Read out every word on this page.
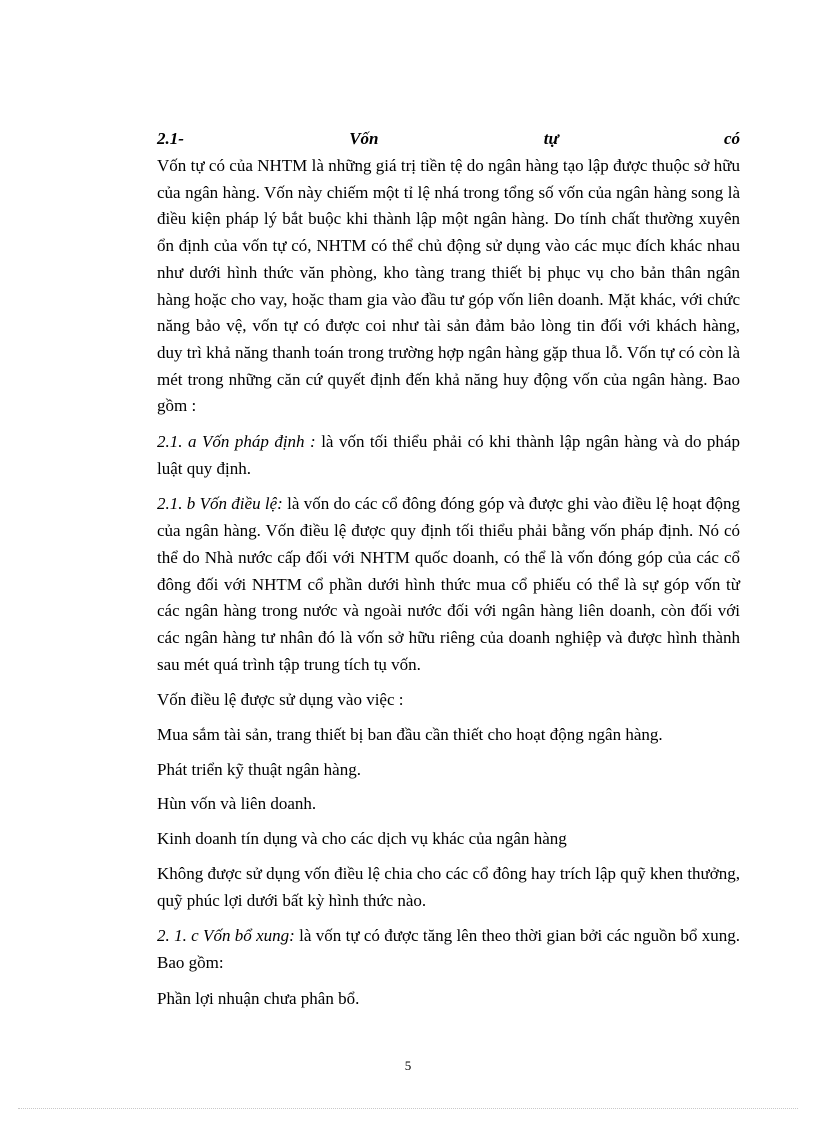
2.1-	Vốn	tự	có

Vốn tự có của NHTM là những giá trị tiền tệ do ngân hàng tạo lập được thuộc sở hữu của ngân hàng. Vốn này chiếm một tỉ lệ nhá trong tổng số vốn của ngân hàng song là điều kiện pháp lý bắt buộc khi thành lập một ngân hàng. Do tính chất thường xuyên ổn định của vốn tự có, NHTM có thể chủ động sử dụng vào các mục đích khác nhau như dưới hình thức văn phòng, kho tàng trang thiết bị phục vụ cho bản thân ngân hàng hoặc cho vay, hoặc tham gia vào đầu tư góp vốn liên doanh. Mặt khác, với chức năng bảo vệ, vốn tự có được coi như tài sản đảm bảo lòng tin đối với khách hàng, duy trì khả năng thanh toán trong trường hợp ngân hàng gặp thua lỗ. Vốn tự có còn là mét trong những căn cứ quyết định đến khả năng huy động vốn của ngân hàng. Bao gồm :

2.1. a Vốn pháp định : là vốn tối thiểu phải có khi thành lập ngân hàng và do pháp luật quy định.

2.1. b Vốn điều lệ: là vốn do các cổ đông đóng góp và được ghi vào điều lệ hoạt động của ngân hàng. Vốn điều lệ được quy định tối thiểu phải bằng vốn pháp định. Nó có thể do Nhà nước cấp đối với NHTM quốc doanh, có thể là vốn đóng góp của các cổ đông đối với NHTM cổ phần dưới hình thức mua cổ phiếu có thể là sự góp vốn từ các ngân hàng trong nước và ngoài nước đối với ngân hàng liên doanh, còn đối với các ngân hàng tư nhân đó là vốn sở hữu riêng của doanh nghiệp và được hình thành sau mét quá trình tập trung tích tụ vốn.

Vốn điều lệ được sử dụng vào việc :

Mua sắm tài sản, trang thiết bị ban đầu cần thiết cho hoạt động ngân hàng.

Phát triển kỹ thuật ngân hàng.

Hùn vốn và liên doanh.

Kinh doanh tín dụng và cho các dịch vụ khác của ngân hàng

Không được sử dụng vốn điều lệ chia cho các cổ đông hay trích lập quỹ khen thưởng, quỹ phúc lợi dưới bất kỳ hình thức nào.

2. 1. c Vốn bổ xung: là vốn tự có được tăng lên theo thời gian bởi các nguồn bổ xung. Bao gồm:

Phần lợi nhuận chưa phân bổ.

5
